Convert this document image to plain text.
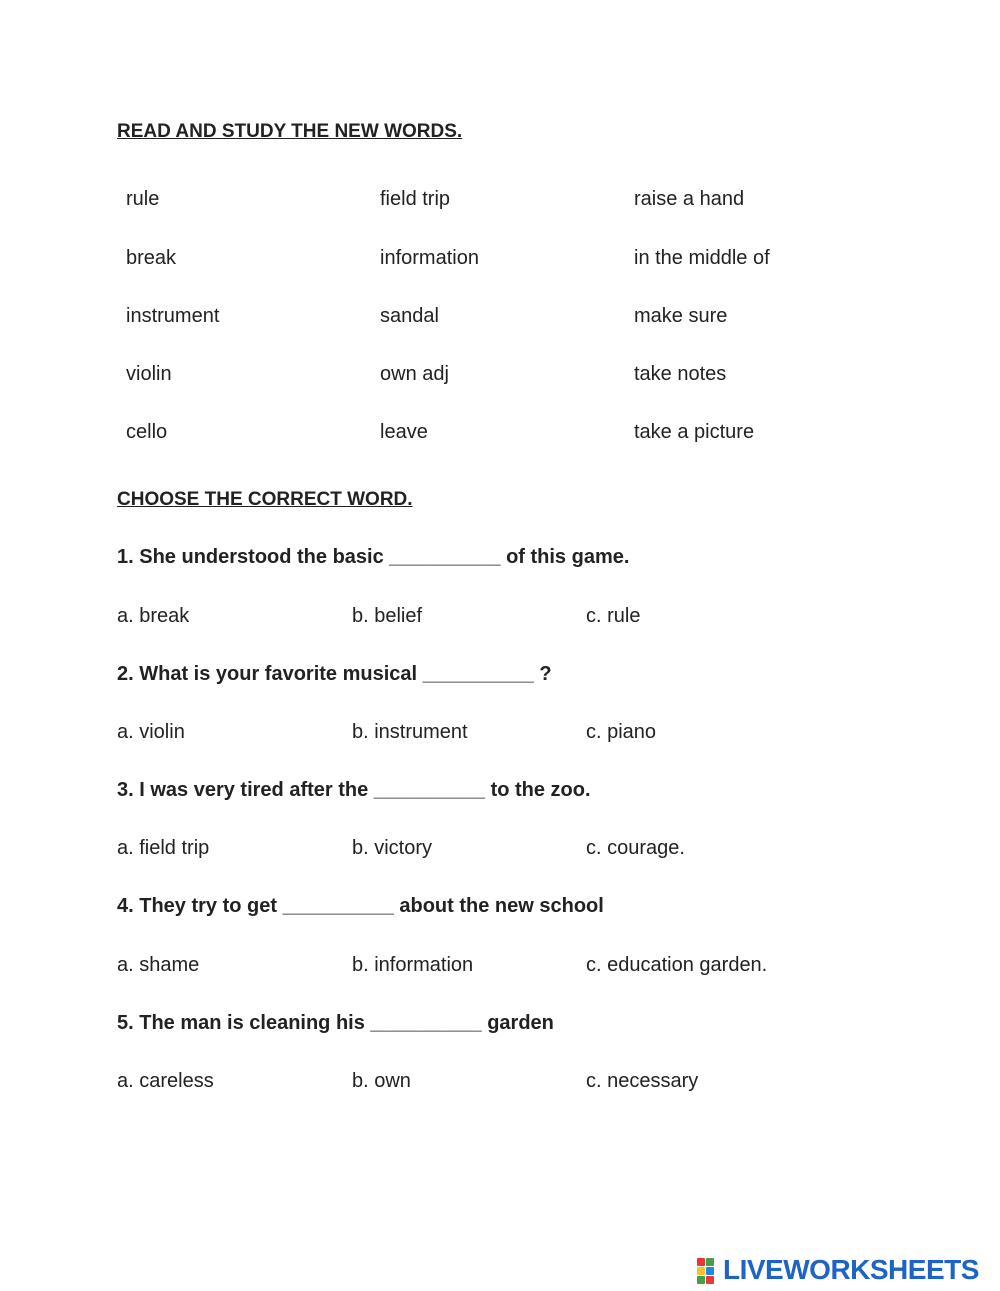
READ AND STUDY THE NEW WORDS.
rule	field trip	raise a hand
break	information	in the middle of
instrument	sandal	make sure
violin	own adj	take notes
cello	leave	take a picture
CHOOSE THE CORRECT WORD.
1. She understood the basic __________ of this game.
a. break	b. belief	c. rule
2. What is your favorite musical __________ ?
a. violin	b. instrument	c. piano
3. I was very tired after the __________ to the zoo.
a. field trip	b. victory	c. courage.
4. They try to get __________ about the new school
a. shame	b. information	c. education garden.
5. The man is cleaning his __________ garden
a. careless	b. own	c. necessary
LIVEWORKSHEETS
